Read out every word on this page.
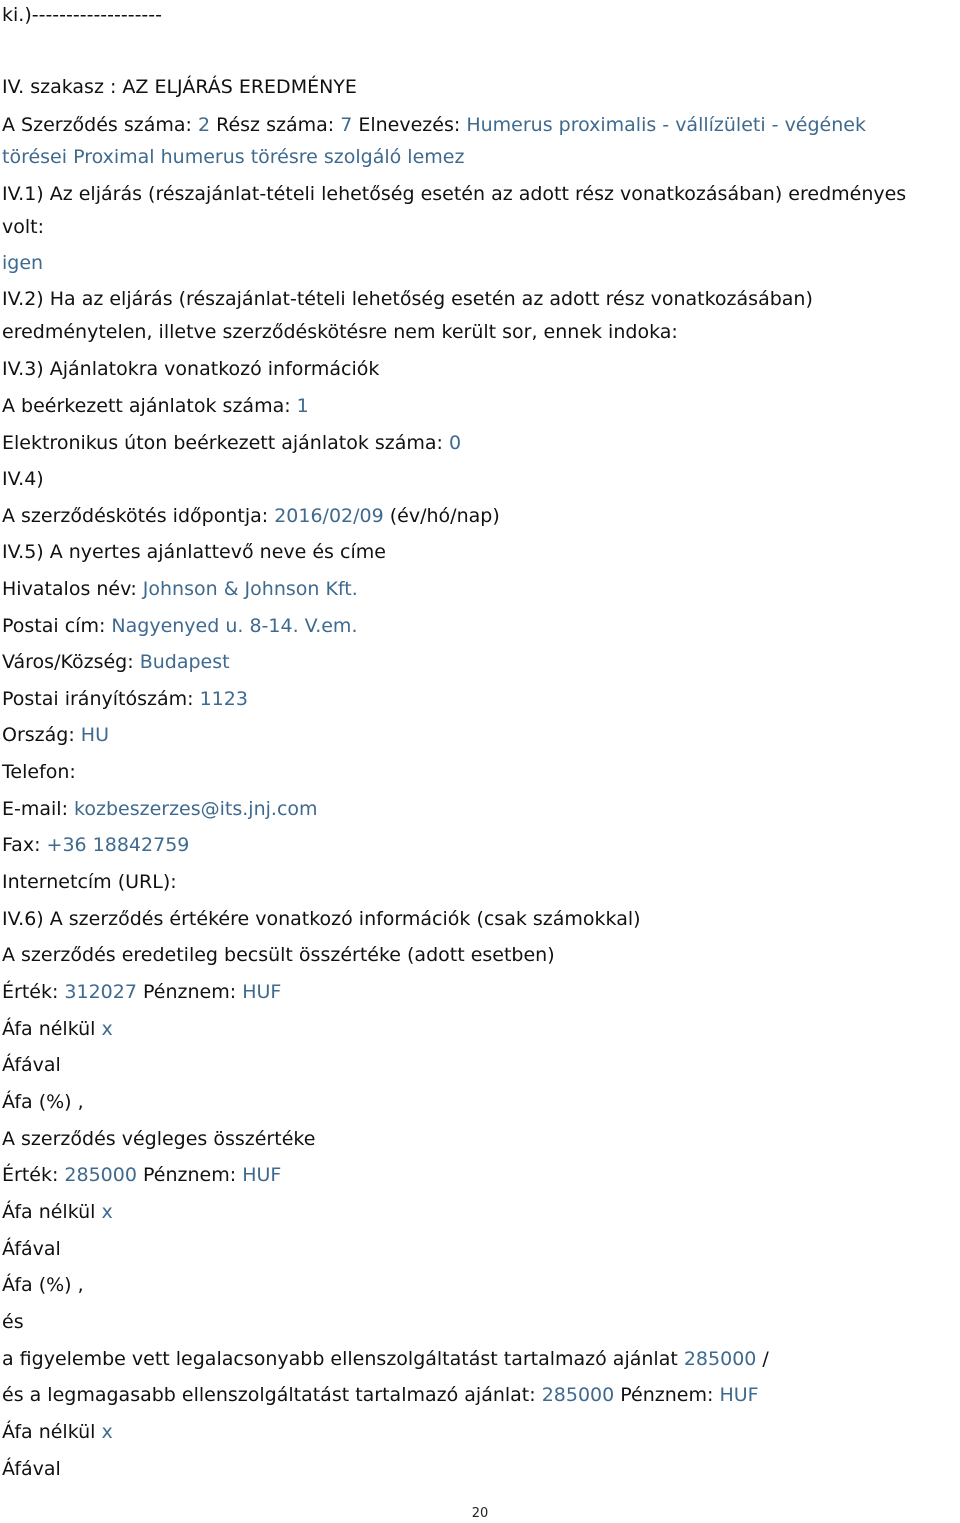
ki.)-------------------
IV. szakasz : AZ ELJÁRÁS EREDMÉNYE
A Szerződés száma: 2 Rész száma: 7 Elnevezés: Humerus proximalis - vállízületi - végének
törései Proximal humerus törésre szolgáló lemez
IV.1) Az eljárás (részajánlat-tételi lehetőség esetén az adott rész vonatkozásában) eredményes
volt:
igen
IV.2) Ha az eljárás (részajánlat-tételi lehetőség esetén az adott rész vonatkozásában)
eredménytelen, illetve szerződéskötésre nem került sor, ennek indoka:
IV.3) Ajánlatokra vonatkozó információk
A beérkezett ajánlatok száma: 1
Elektronikus úton beérkezett ajánlatok száma: 0
IV.4)
A szerződéskötés időpontja: 2016/02/09 (év/hó/nap)
IV.5) A nyertes ajánlattevő neve és címe
Hivatalos név: Johnson & Johnson Kft.
Postai cím: Nagyenyed u. 8-14. V.em.
Város/Község: Budapest
Postai irányítószám: 1123
Ország: HU
Telefon:
E-mail: kozbeszerzes@its.jnj.com
Fax: +36 18842759
Internetcím (URL):
IV.6) A szerződés értékére vonatkozó információk (csak számokkal)
A szerződés eredetileg becsült összértéke (adott esetben)
Érték: 312027 Pénznem: HUF
Áfa nélkül x
Áfával
Áfa (%) ,
A szerződés végleges összértéke
Érték: 285000 Pénznem: HUF
Áfa nélkül x
Áfával
Áfa (%) ,
és
a figyelembe vett legalacsonyabb ellenszolgáltatást tartalmazó ajánlat 285000 /
és a legmagasabb ellenszolgáltatást tartalmazó ajánlat: 285000 Pénznem: HUF
Áfa nélkül x
Áfával
20
